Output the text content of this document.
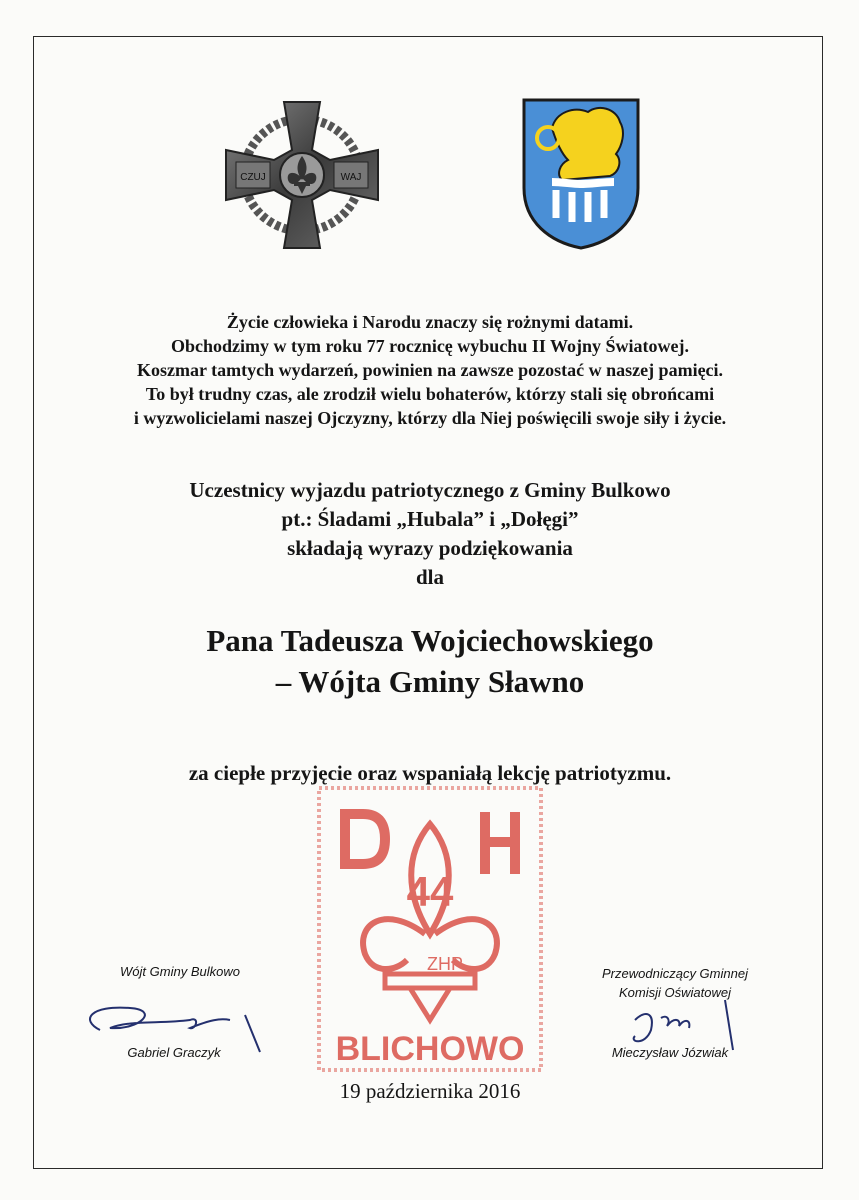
CZUJ	WAJ
Życie człowieka i Narodu znaczy się rożnymi datami.
Obchodzimy w tym roku 77 rocznicę wybuchu II Wojny Światowej.
Koszmar tamtych wydarzeń, powinien na zawsze pozostać w naszej pamięci.
To był trudny czas, ale zrodził wielu bohaterów, którzy stali się obrońcami
i wyzwolicielami naszej Ojczyzny, którzy dla Niej poświęcili swoje siły i życie.
Uczestnicy wyjazdu patriotycznego z Gminy Bulkowo
pt.: Śladami „Hubala” i „Dołęgi”
składają wyrazy podziękowania
dla
Pana Tadeusza Wojciechowskiego
– Wójta Gminy Sławno
za ciepłe przyjęcie oraz wspaniałą lekcję patriotyzmu.
44
ZHP
BLICHOWO
Wójt Gminy Bulkowo
Gabriel Graczyk
Przewodniczący Gminnej
Komisji Oświatowej
Mieczysław Józwiak
19 października 2016
